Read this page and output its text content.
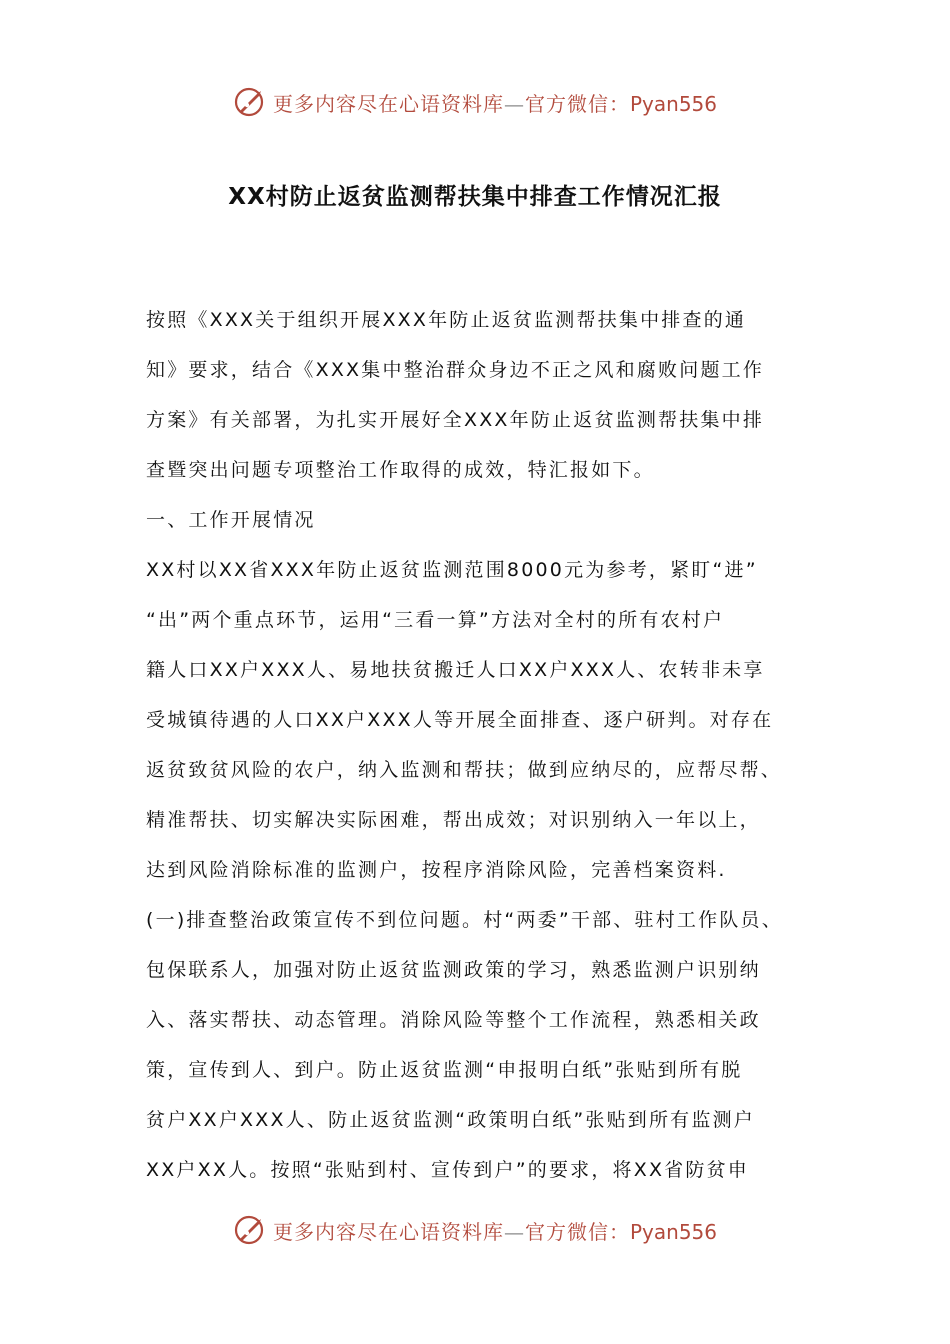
更多内容尽在心语资料库—官方微信：Pyan556
XX村防止返贫监测帮扶集中排查工作情况汇报
按照《XXX关于组织开展XXX年防止返贫监测帮扶集中排查的通
知》要求，结合《XXX集中整治群众身边不正之风和腐败问题工作
方案》有关部署，为扎实开展好全XXX年防止返贫监测帮扶集中排
查暨突出问题专项整治工作取得的成效，特汇报如下。
一、工作开展情况
XX村以XX省XXX年防止返贫监测范围8000元为参考，紧盯“进”
“出”两个重点环节，运用“三看一算”方法对全村的所有农村户
籍人口XX户XXX人、易地扶贫搬迁人口XX户XXX人、农转非未享
受城镇待遇的人口XX户XXX人等开展全面排查、逐户研判。对存在
返贫致贫风险的农户，纳入监测和帮扶；做到应纳尽的，应帮尽帮、
精准帮扶、切实解决实际困难，帮出成效；对识别纳入一年以上，
达到风险消除标准的监测户，按程序消除风险，完善档案资料.
(一)排查整治政策宣传不到位问题。村“两委”干部、驻村工作队员、
包保联系人，加强对防止返贫监测政策的学习，熟悉监测户识别纳
入、落实帮扶、动态管理。消除风险等整个工作流程，熟悉相关政
策，宣传到人、到户。防止返贫监测“申报明白纸”张贴到所有脱
贫户XX户XXX人、防止返贫监测“政策明白纸”张贴到所有监测户
XX户XX人。按照“张贴到村、宣传到户”的要求，将XX省防贫申
更多内容尽在心语资料库—官方微信：Pyan556
